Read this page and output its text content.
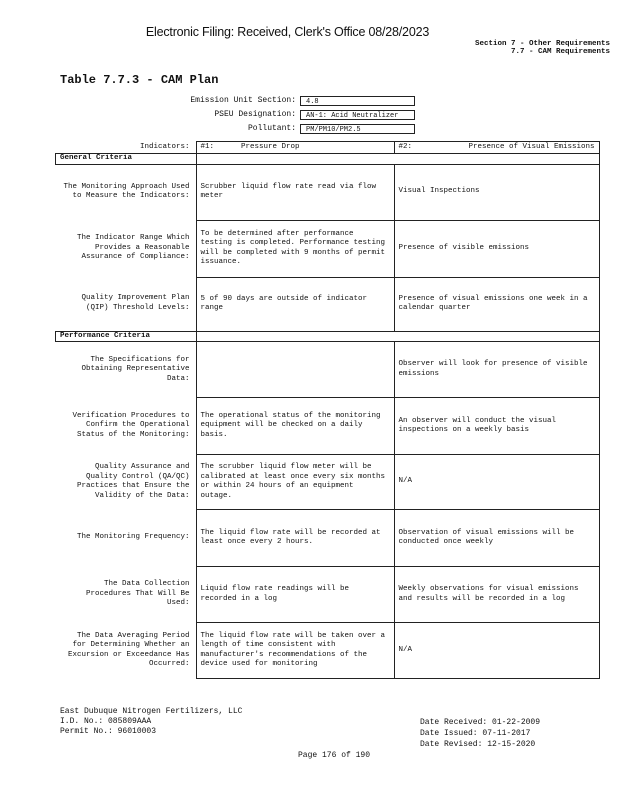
Electronic Filing: Received, Clerk's Office 08/28/2023
Section 7 - Other Requirements
7.7 - CAM Requirements
Table 7.7.3 - CAM Plan
Emission Unit Section:	4.8
PSEU Designation:	AN-1: Acid Neutralizer
Pollutant:	PM/PM10/PM2.5
Indicators:	#1: Pressure Drop	#2: Presence of Visual Emissions

General Criteria		
The Monitoring Approach Used to Measure the Indicators:	Scrubber liquid flow rate read via flow meter	Visual Inspections
The Indicator Range Which Provides a Reasonable Assurance of Compliance:	To be determined after performance testing is completed. Performance testing will be completed with 9 months of permit issuance.	Presence of visible emissions
Quality Improvement Plan (QIP) Threshold Levels:	5 of 90 days are outside of indicator range	Presence of visual emissions one week in a calendar quarter
Performance Criteria		
The Specifications for Obtaining Representative Data:		Observer will look for presence of visible emissions
Verification Procedures to Confirm the Operational Status of the Monitoring:	The operational status of the monitoring equipment will be checked on a daily basis.	An observer will conduct the visual inspections on a weekly basis
Quality Assurance and Quality Control (QA/QC) Practices that Ensure the Validity of the Data:	The scrubber liquid flow meter will be calibrated at least once every six months or within 24 hours of an equipment outage.	N/A
The Monitoring Frequency:	The liquid flow rate will be recorded at least once every 2 hours.	Observation of visual emissions will be conducted once weekly
The Data Collection Procedures That Will Be Used:	Liquid flow rate readings will be recorded in a log	Weekly observations for visual emissions and results will be recorded in a log
The Data Averaging Period for Determining Whether an Excursion or Exceedance Has Occurred:	The liquid flow rate will be taken over a length of time consistent with manufacturer's recommendations of the device used for monitoring	N/A
East Dubuque Nitrogen Fertilizers, LLC
I.D. No.: 085809AAA
Permit No.: 96010003
Date Received: 01-22-2009
Date Issued: 07-11-2017
Date Revised: 12-15-2020
Page 176 of 190
